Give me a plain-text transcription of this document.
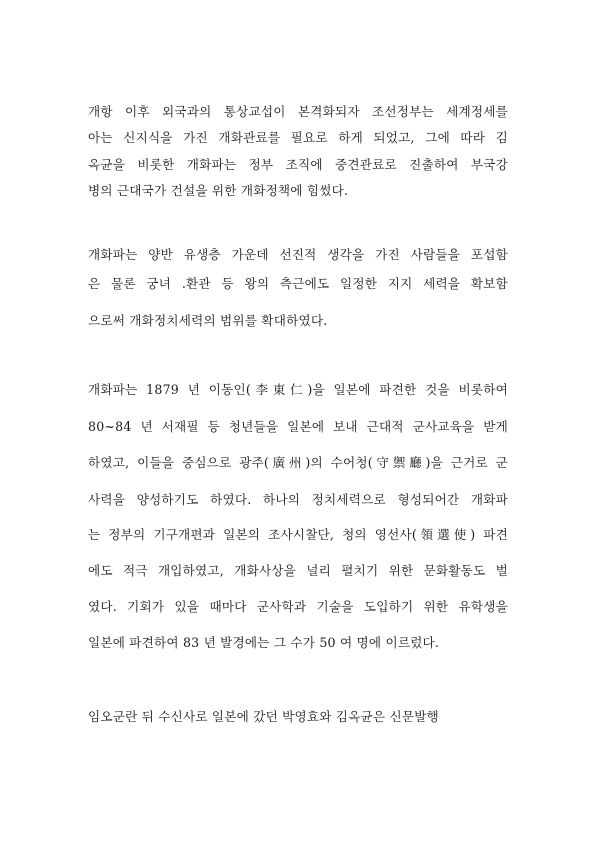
개항 이후 외국과의 통상교섭이 본격화되자 조선정부는 세계정세를
아는 신지식을 가진 개화관료를 필요로 하게 되었고, 그에 따라 김
옥균을 비롯한 개화파는 정부 조직에 중견관료로 진출하여 부국강
병의 근대국가 건설을 위한 개화정책에 힘썼다.
개화파는 양반 유생층 가운데 선진적 생각을 가진 사람들을 포섭함
은 물론 궁녀 .환관 등 왕의 측근에도 일정한 지지 세력을 확보함
으로써 개화정치세력의 범위를 확대하였다.
개화파는 1879 년 이동인(李東仁)을 일본에 파견한 것을 비롯하여
80~84 년 서재필 등 청년들을 일본에 보내 근대적 군사교육을 받게
하였고, 이들을 중심으로 광주(廣州)의 수어청(守禦廳)을 근거로 군
사력을 양성하기도 하였다. 하나의 정치세력으로 형성되어간 개화파
는 정부의 기구개편과 일본의 조사시찰단, 청의 영선사(領選使) 파견
에도 적극 개입하였고, 개화사상을 널리 펼치기 위한 문화활동도 벌
였다. 기회가 있을 때마다 군사학과 기술을 도입하기 위한 유학생을
일본에 파견하여 83 년 발경에는 그 수가 50 여 명에 이르렀다.
임오군란 뒤 수신사로 일본에 갔던 박영효와 김옥균은 신문발행
